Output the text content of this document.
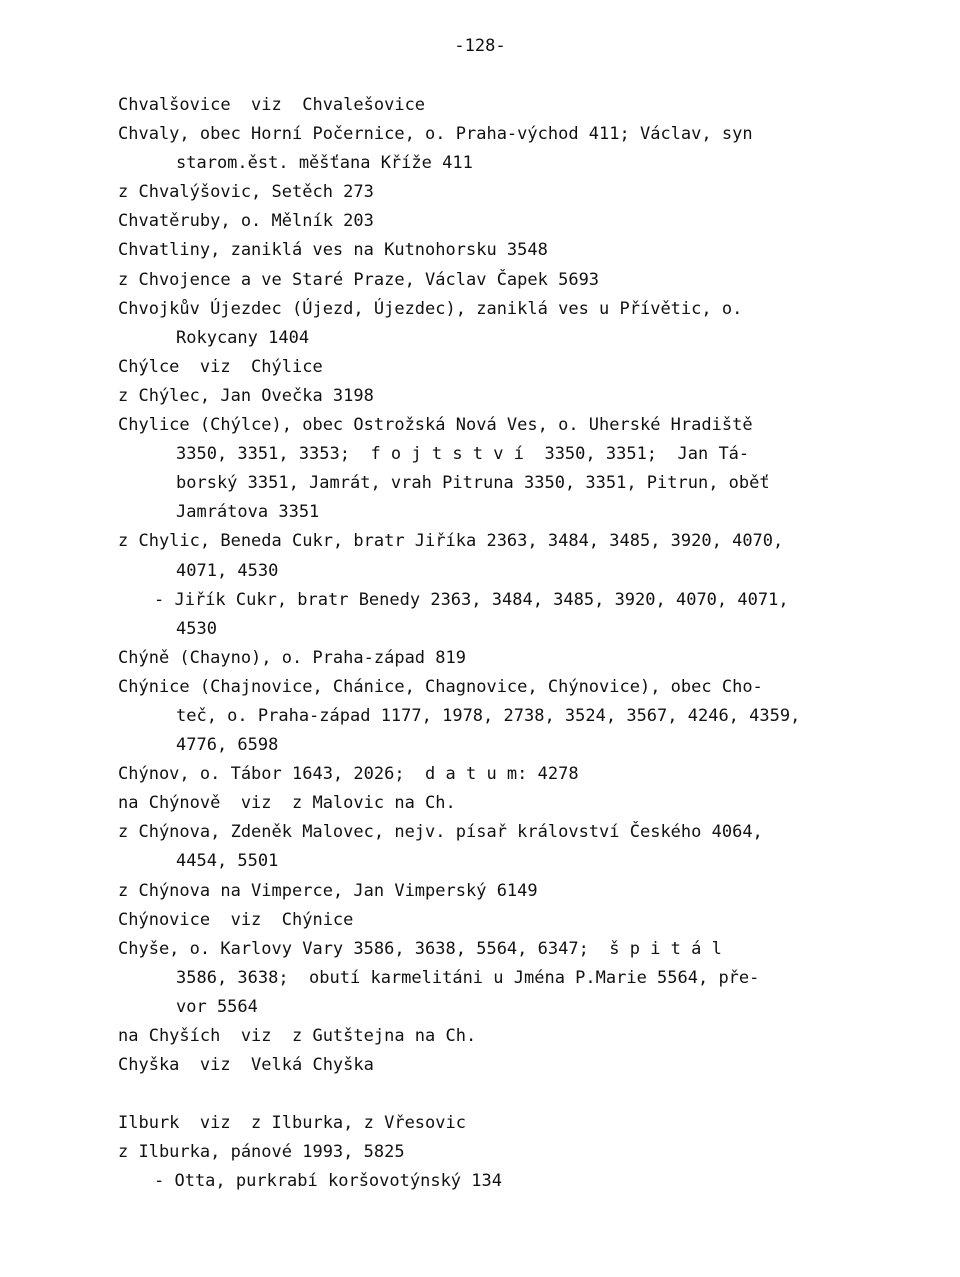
-128-
Chvalšovice  viz  Chvalešovice
Chvaly, obec Horní Počernice, o. Praha-východ 411; Václav, syn
starom.ěst. měšťana Kříže 411
z Chvalýšovic, Setěch 273
Chvatěruby, o. Mělník 203
Chvatliny, zaniklá ves na Kutnohorsku 3548
z Chvojence a ve Staré Praze, Václav Čapek 5693
Chvojkův Újezdec (Újezd, Újezdec), zaniklá ves u Přívětic, o.
Rokycany 1404
Chýlce  viz  Chýlice
z Chýlec, Jan Ovečka 3198
Chylice (Chýlce), obec Ostrožská Nová Ves, o. Uherské Hradiště
3350, 3351, 3353;  f o j t s t v í  3350, 3351;  Jan Tá-
borský 3351, Jamrát, vrah Pitruna 3350, 3351, Pitrun, oběť
Jamrátova 3351
z Chylic, Beneda Cukr, bratr Jiříka 2363, 3484, 3485, 3920, 4070,
4071, 4530
- Jiřík Cukr, bratr Benedy 2363, 3484, 3485, 3920, 4070, 4071,
4530
Chýně (Chayno), o. Praha-západ 819
Chýnice (Chajnovice, Chánice, Chagnovice, Chýnovice), obec Cho-
teč, o. Praha-západ 1177, 1978, 2738, 3524, 3567, 4246, 4359,
4776, 6598
Chýnov, o. Tábor 1643, 2026;  d a t u m: 4278
na Chýnově  viz  z Malovic na Ch.
z Chýnova, Zdeněk Malovec, nejv. písař království Českého 4064,
4454, 5501
z Chýnova na Vimperce, Jan Vimperský 6149
Chýnovice  viz  Chýnice
Chyše, o. Karlovy Vary 3586, 3638, 5564, 6347;  š p i t á l
3586, 3638;  obutí karmelitáni u Jména P.Marie 5564, pře-
vor 5564
na Chyších  viz  z Gutštejna na Ch.
Chyška  viz  Velká Chyška
Ilburk  viz  z Ilburka, z Vřesovic
z Ilburka, pánové 1993, 5825
- Otta, purkrabí koršovotýnský 134
